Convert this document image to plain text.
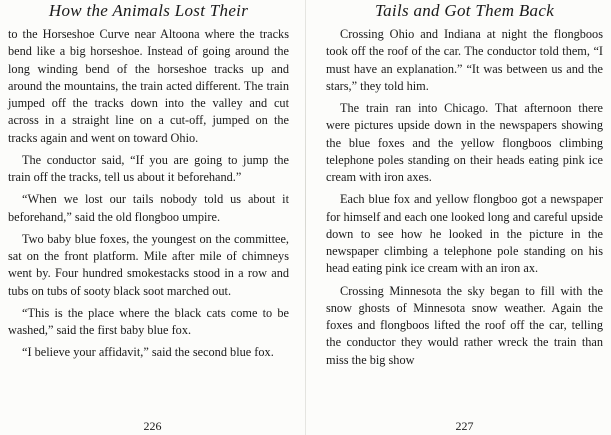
How the Animals Lost Their

to the Horseshoe Curve near Altoona where the tracks bend like a big horseshoe. Instead of going around the long winding bend of the horseshoe tracks up and around the mountains, the train acted different. The train jumped off the tracks down into the valley and cut across in a straight line on a cut-off, jumped on the tracks again and went on toward Ohio.

The conductor said, “If you are going to jump the train off the tracks, tell us about it beforehand.”

“When we lost our tails nobody told us about it beforehand,” said the old flongboo umpire.

Two baby blue foxes, the youngest on the committee, sat on the front platform. Mile after mile of chimneys went by. Four hundred smokestacks stood in a row and tubs on tubs of sooty black soot marched out.

“This is the place where the black cats come to be washed,” said the first baby blue fox.

“I believe your affidavit,” said the second blue fox.

226
Tails and Got Them Back

Crossing Ohio and Indiana at night the flongboos took off the roof of the car. The conductor told them, “I must have an explanation.” “It was between us and the stars,” they told him.

The train ran into Chicago. That afternoon there were pictures upside down in the newspapers showing the blue foxes and the yellow flongboos climbing telephone poles standing on their heads eating pink ice cream with iron axes.

Each blue fox and yellow flongboo got a newspaper for himself and each one looked long and careful upside down to see how he looked in the picture in the newspaper climbing a telephone pole standing on his head eating pink ice cream with an iron ax.

Crossing Minnesota the sky began to fill with the snow ghosts of Minnesota snow weather. Again the foxes and flongboos lifted the roof off the car, telling the conductor they would rather wreck the train than miss the big show

227
